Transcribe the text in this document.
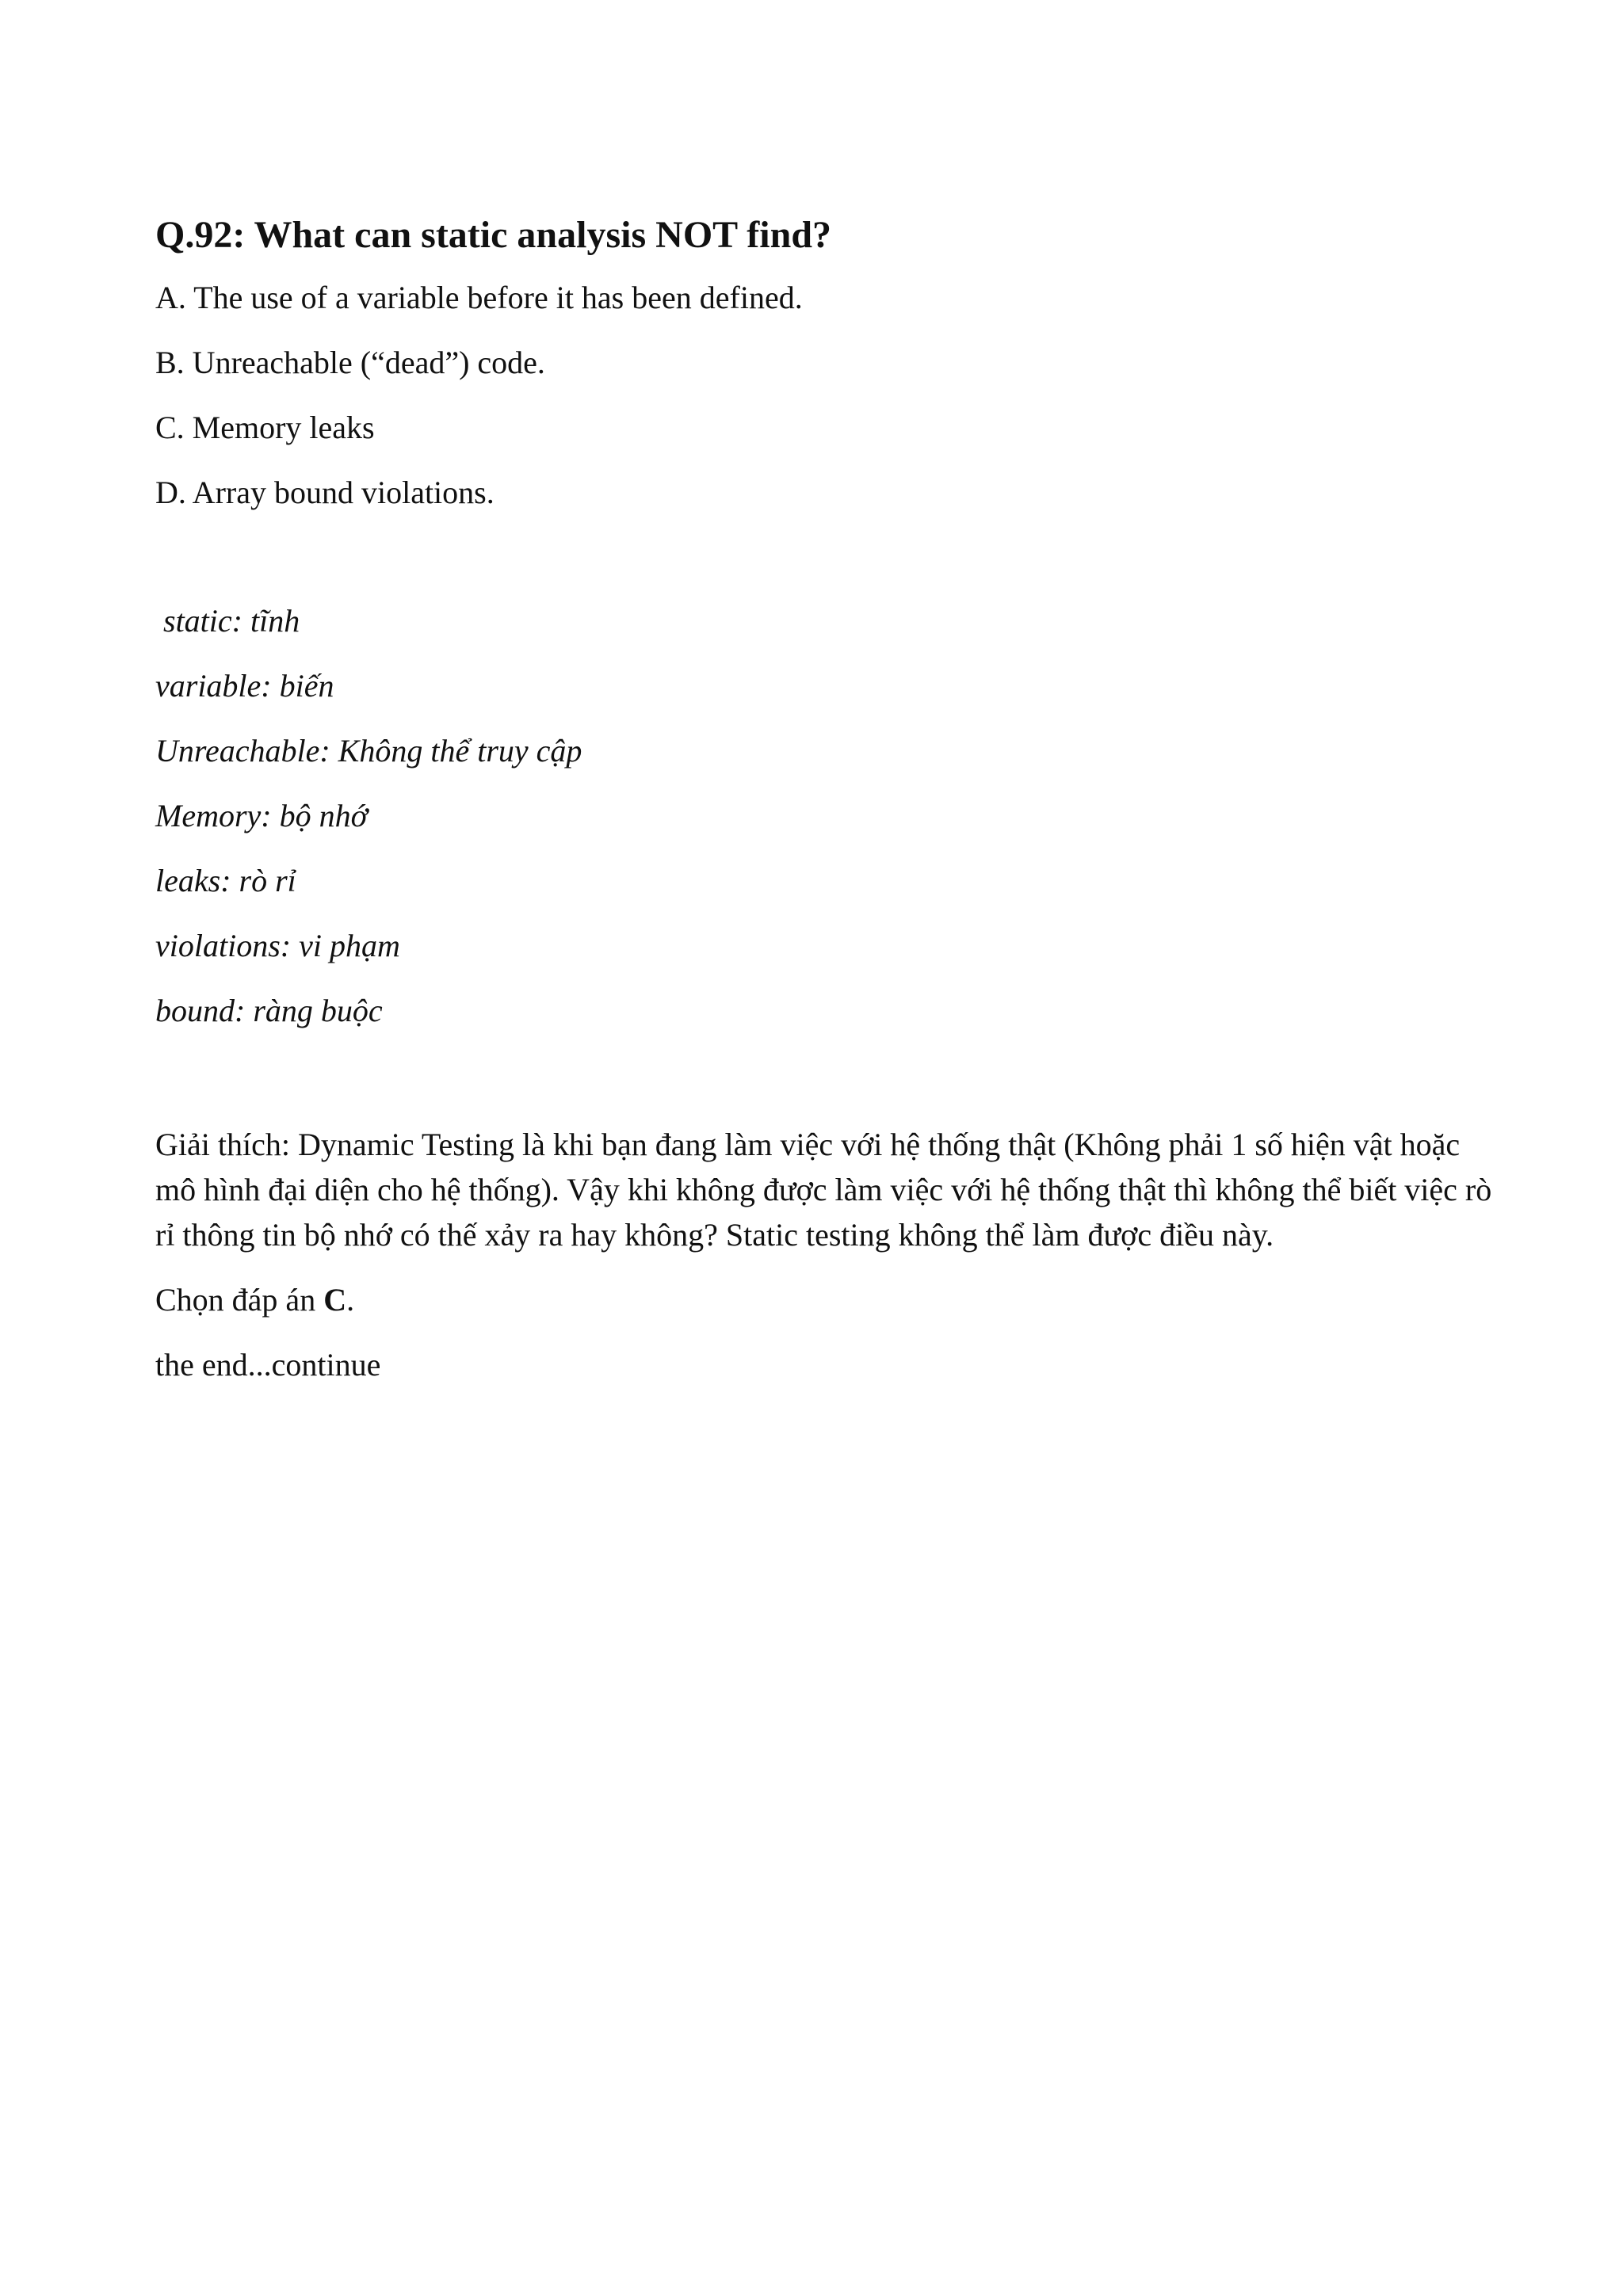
Q.92: What can static analysis NOT find?

A. The use of a variable before it has been defined.

B. Unreachable (“dead”) code.

C. Memory leaks

D. Array bound violations.

static: tĩnh

variable: biến

Unreachable: Không thể truy cập

Memory: bộ nhớ

leaks: rò rỉ

violations: vi phạm

bound: ràng buộc

Giải thích: Dynamic Testing là khi bạn đang làm việc với hệ thống thật (Không phải 1 số hiện vật hoặc mô hình đại diện cho hệ thống). Vậy khi không được làm việc với hệ thống thật thì không thể biết việc rò rỉ thông tin bộ nhớ có thế xảy ra hay không? Static testing không thể làm được điều này.

Chọn đáp án C.

the end...continue
